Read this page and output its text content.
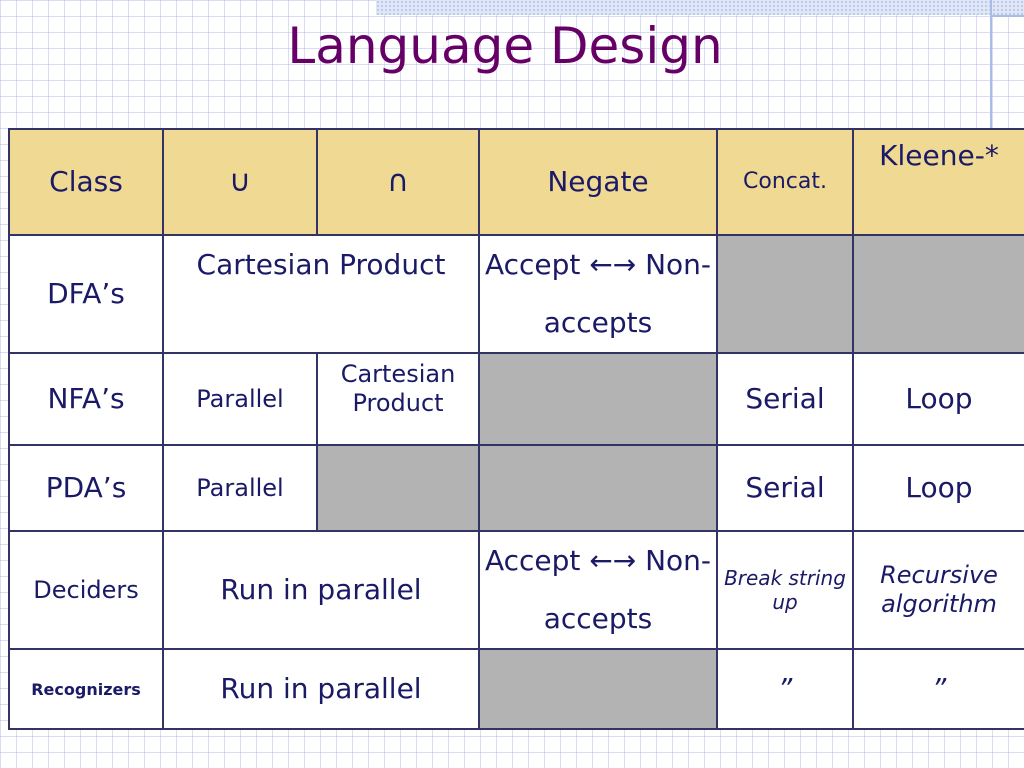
Language Design
Class	∪	∩	Negate	Concat.	Kleene-*
DFA’s	Cartesian Product		Accept ←→ Non-accepts		
NFA’s	Parallel	Cartesian Product		Serial	Loop
PDA’s	Parallel			Serial	Loop
Deciders	Run in parallel		Accept ←→ Non-accepts	Break string up	Recursive algorithm
Recognizers	Run in parallel			”	”
